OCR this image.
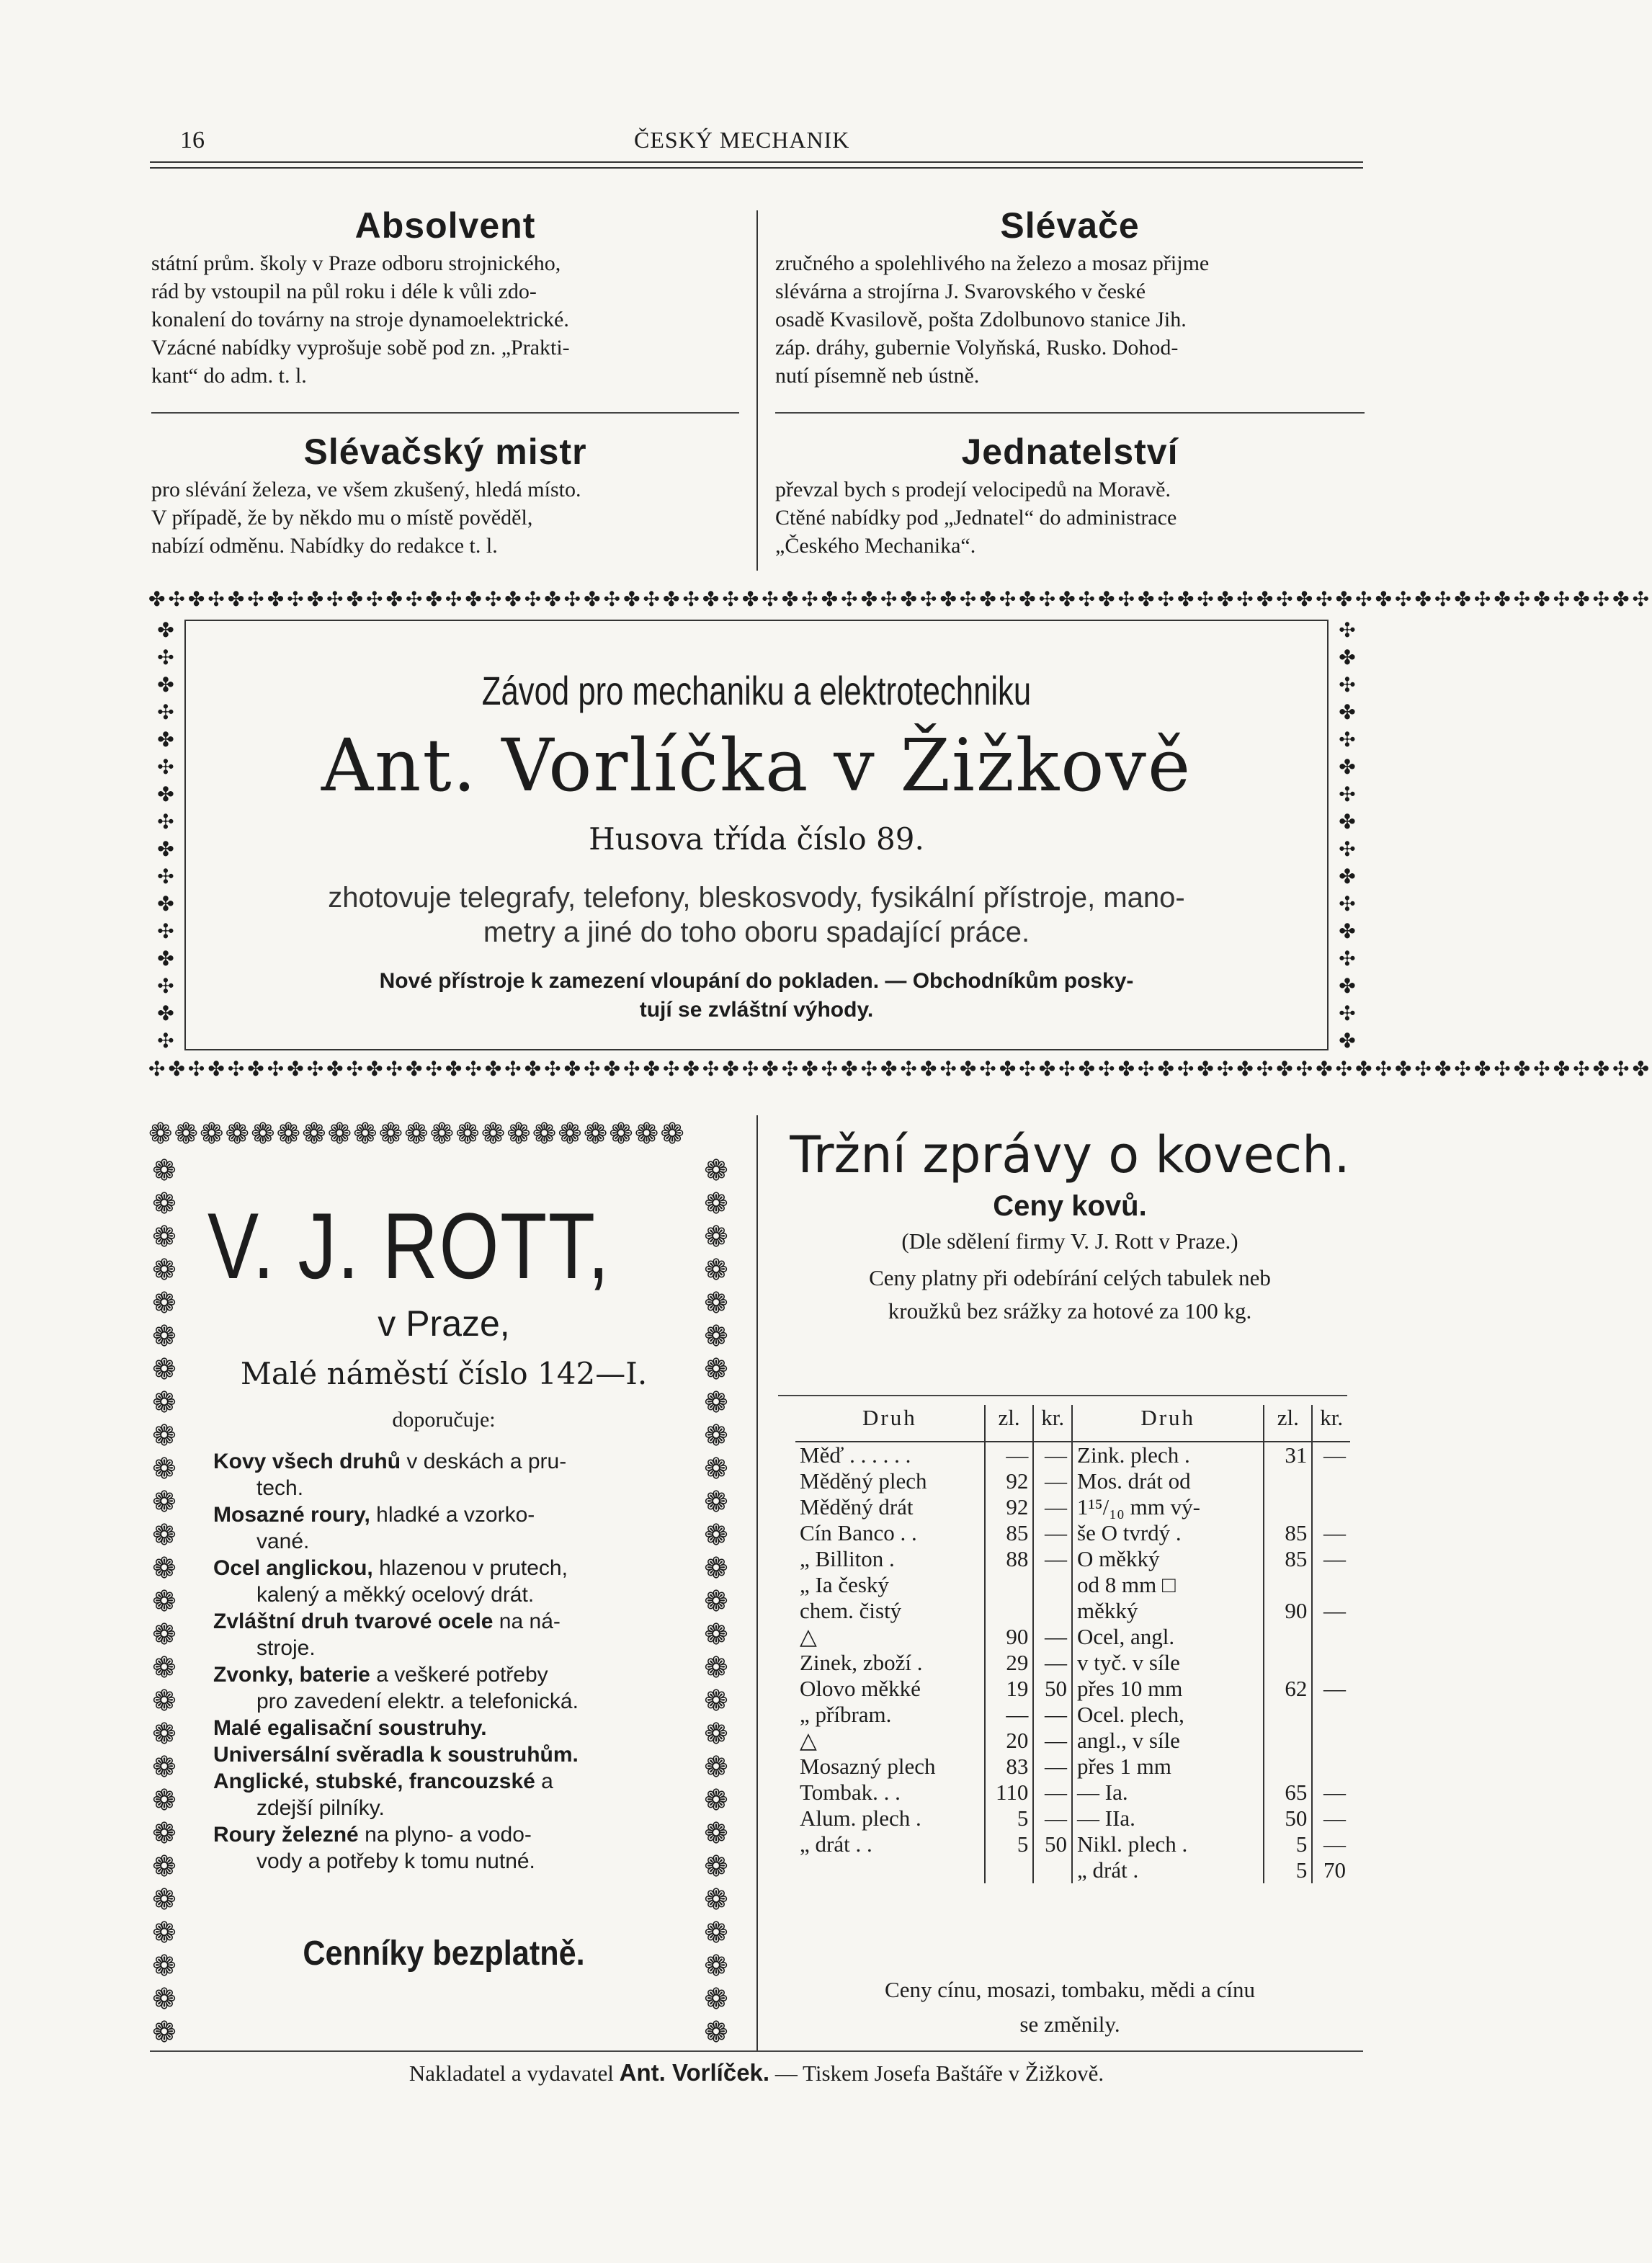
16	ČESKÝ MECHANIK
Absolvent
státní prům. školy v Praze odboru strojnického,
rád by vstoupil na půl roku i déle k vůli zdo-
konalení do továrny na stroje dynamoelektrické.
Vzácné nabídky vyprošuje sobě pod zn. „Prakti-
kant“ do adm. t. l.
Slévače
zručného a spolehlivého na železo a mosaz přijme
slévárna a strojírna J. Svarovského v české
osadě Kvasilově, pošta Zdolbunovo stanice Jih.
záp. dráhy, gubernie Volyňská, Rusko. Dohod-
nutí písemně neb ústně.
Slévačský mistr
pro slévání železa, ve všem zkušený, hledá místo.
V případě, že by někdo mu o místě pověděl,
nabízí odměnu. Nabídky do redakce t. l.
Jednatelství
převzal bych s prodejí velocipedů na Moravě.
Ctěné nabídky pod „Jednatel“ do administrace
„Českého Mechanika“.
✤✣✤✣✤✣✤✣✤✣✤✣✤✣✤✣✤✣✤✣✤✣✤✣✤✣✤✣✤✣✤✣✤✣✤✣✤✣✤✣✤✣✤✣✤✣✤✣✤✣✤✣✤✣✤✣✤✣✤✣✤✣✤✣✤✣✤✣✤✣✤✣✤✣✤✣
✣✤✣✤✣✤✣✤✣✤✣✤✣✤✣✤✣✤✣✤✣✤✣✤✣✤✣✤✣✤✣✤✣✤✣✤✣✤✣✤✣✤✣✤✣✤✣✤✣✤✣✤✣✤✣✤✣✤✣✤✣✤✣✤✣✤✣✤✣✤✣✤✣✤✣✤
✤
✣
✤
✣
✤
✣
✤
✣
✤
✣
✤
✣
✤
✣
✤
✣
✣
✤
✣
✤
✣
✤
✣
✤
✣
✤
✣
✤
✣
✤
✣
✤
Závod pro mechaniku a elektrotechniku
Ant. Vorlíčka v Žižkově
Husova třída číslo 89.
zhotovuje telegrafy, telefony, bleskosvody, fysikální přístroje, mano-
metry a jiné do toho oboru spadající práce.
Nové přístroje k zamezení vloupání do pokladen. — Obchodníkům posky-
tují se zvláštní výhody.
❁❁❁❁❁❁❁❁❁❁❁❁❁❁❁❁❁❁❁❁❁
❁
❁
❁
❁
❁
❁
❁
❁
❁
❁
❁
❁
❁
❁
❁
❁
❁
❁
❁
❁
❁
❁
❁
❁
❁
❁
❁
❁
❁
❁
❁
❁
❁
❁
❁
❁
❁
❁
❁
❁
❁
❁
❁
❁
❁
❁
❁
❁
❁
❁
❁
❁
❁
❁
V. J. ROTT,
v Praze,
Malé náměstí číslo 142—I.
doporučuje:
Kovy všech druhů v deskách a pru-
tech.
Mosazné roury, hladké a vzorko-
vané.
Ocel anglickou, hlazenou v prutech,
kalený a měkký ocelový drát.
Zvláštní druh tvarové ocele na ná-
stroje.
Zvonky, baterie a veškeré potřeby
pro zavedení elektr. a telefonická.
Malé egalisační soustruhy.
Universální svěradla k soustruhům.
Anglické, stubské, francouzské a
zdejší pilníky.
Roury železné na plyno- a vodo-
vody a potřeby k tomu nutné.
Cenníky bezplatně.
Tržní zprávy o kovech.
Ceny kovů.
(Dle sdělení firmy V. J. Rott v Praze.)
Ceny platny při odebírání celých tabulek neb
kroužků bez srážky za hotové za 100 kg.
Druh	zl.	kr.	Druh	zl.	kr.
Měď . . . . . .	—	—	Zink. plech .	31	—
Měděný plech	92	—	Mos. drát od		
Měděný drát	92	—	1¹⁵/₁₀ mm vý-		
Cín Banco . .	85	—	še O tvrdý .	85	—
„ Billiton .	88	—	O měkký	85	—
„ Ia český			od 8 mm □		
chem. čistý			měkký	90	—
△	90	—	Ocel, angl.		
Zinek, zboží .	29	—	v tyč. v síle		
Olovo měkké	19	50	přes 10 mm	62	—
„ příbram.	—	—	Ocel. plech,		
△	20	—	angl., v síle		
Mosazný plech	83	—	přes 1 mm		
Tombak. . .	110	—	— Ia.	65	—
Alum. plech .	5	—	— IIa.	50	—
„ drát . .	5	50	Nikl. plech .	5	—
			„ drát .	5	70
Ceny cínu, mosazi, tombaku, mědi a cínu
se změnily.
Nakladatel a vydavatel Ant. Vorlíček. — Tiskem Josefa Baštáře v Žižkově.
